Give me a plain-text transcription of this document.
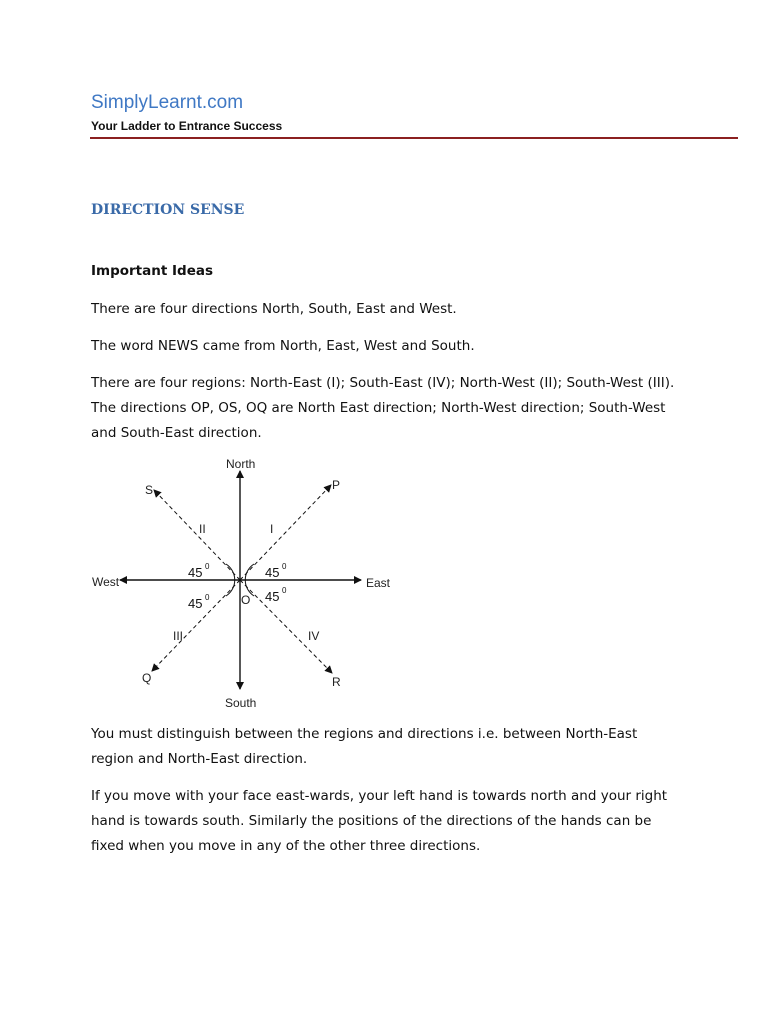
SimplyLearnt.com
Your Ladder to Entrance Success
DIRECTION SENSE
Important Ideas

There are four directions North, South, East and West.

The word NEWS came from North, East, West and South.

There are four regions: North-East (I); South-East (IV); North-West (II); South-West (III). The directions OP, OS, OQ are North East direction; North-West direction; South-West and South-East direction.

North
South
East
West
P
S
Q	R
O
I
II
III	IV
45 0	45 0
45 0	45 0

You must distinguish between the regions and directions i.e. between North-East region and North-East direction.

If you move with your face east-wards, your left hand is towards north and your right hand is towards south. Similarly the positions of the directions of the hands can be fixed when you move in any of the other three directions.
